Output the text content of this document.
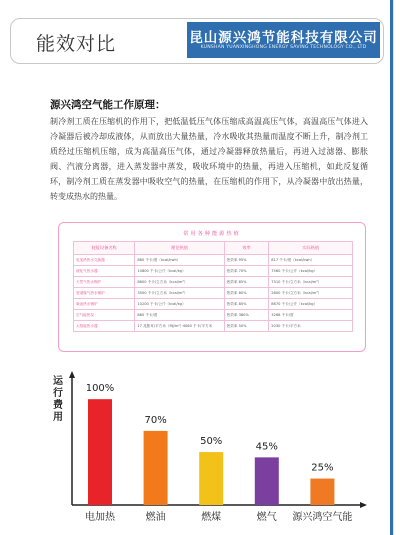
能效对比	昆山源兴鸿节能科技有限公司
KUNSHAN YUANXINGHONG ENERGY SAVING TECHNOLOGY CO., LTD
源兴鸿空气能工作原理：
制冷剂工质在压缩机的作用下，把低温低压气体压缩成高温高压气体，高温高压气体进入冷凝器后被冷却成液体，从而放出大量热量，冷水吸收其热量而温度不断上升，制冷剂工质经过压缩机压缩，成为高温高压气体，通过冷凝器释放热量后，再进入过滤器、膨胀阀、汽液分离器，进入蒸发器中蒸发，吸收环境中的热量，再进入压缩机，如此反复循环，制冷剂工质在蒸发器中吸收空气的热量，在压缩机的作用下，从冷凝器中放出热量，转变成热水的热量。
常用各种能源热值
耗能设备名称	理论热值	效率	实际热值
电加热热水交换器	860 千卡/度（kcal/kwh）	热效率 95%	817 千卡/度（kcal/kwh）
液化气热水器	10800 千卡/公斤（kcal/kg）	热效率 70%	7560 千卡/公斤（kcal/kg）
天然气热水锅炉	8600 千卡/立方米（kcal/m³）	热效率 85%	7310 千卡/立方米（kcal/m³）
管道煤气热水锅炉	3500 千卡/立方米（kcal/m³）	热效率 80%	2800 千卡/立方米（kcal/m³）
柴油热水锅炉	10200 千卡/公斤（kcal/kg）	热效率 85%	8670 千卡/公斤（kcal/kg）
空气能热泵	860 千卡/度	热效率 380%	3268 千卡/度
太阳能热水器	17 兆焦耳/平方米（MJ/m²）·4060 千卡/平方米	热效率 50%	2030 千卡/平方米
运
行
费
用
100%
电加热
70%
燃油
50%
燃煤
45%
燃气
25%
源兴鸿空气能
